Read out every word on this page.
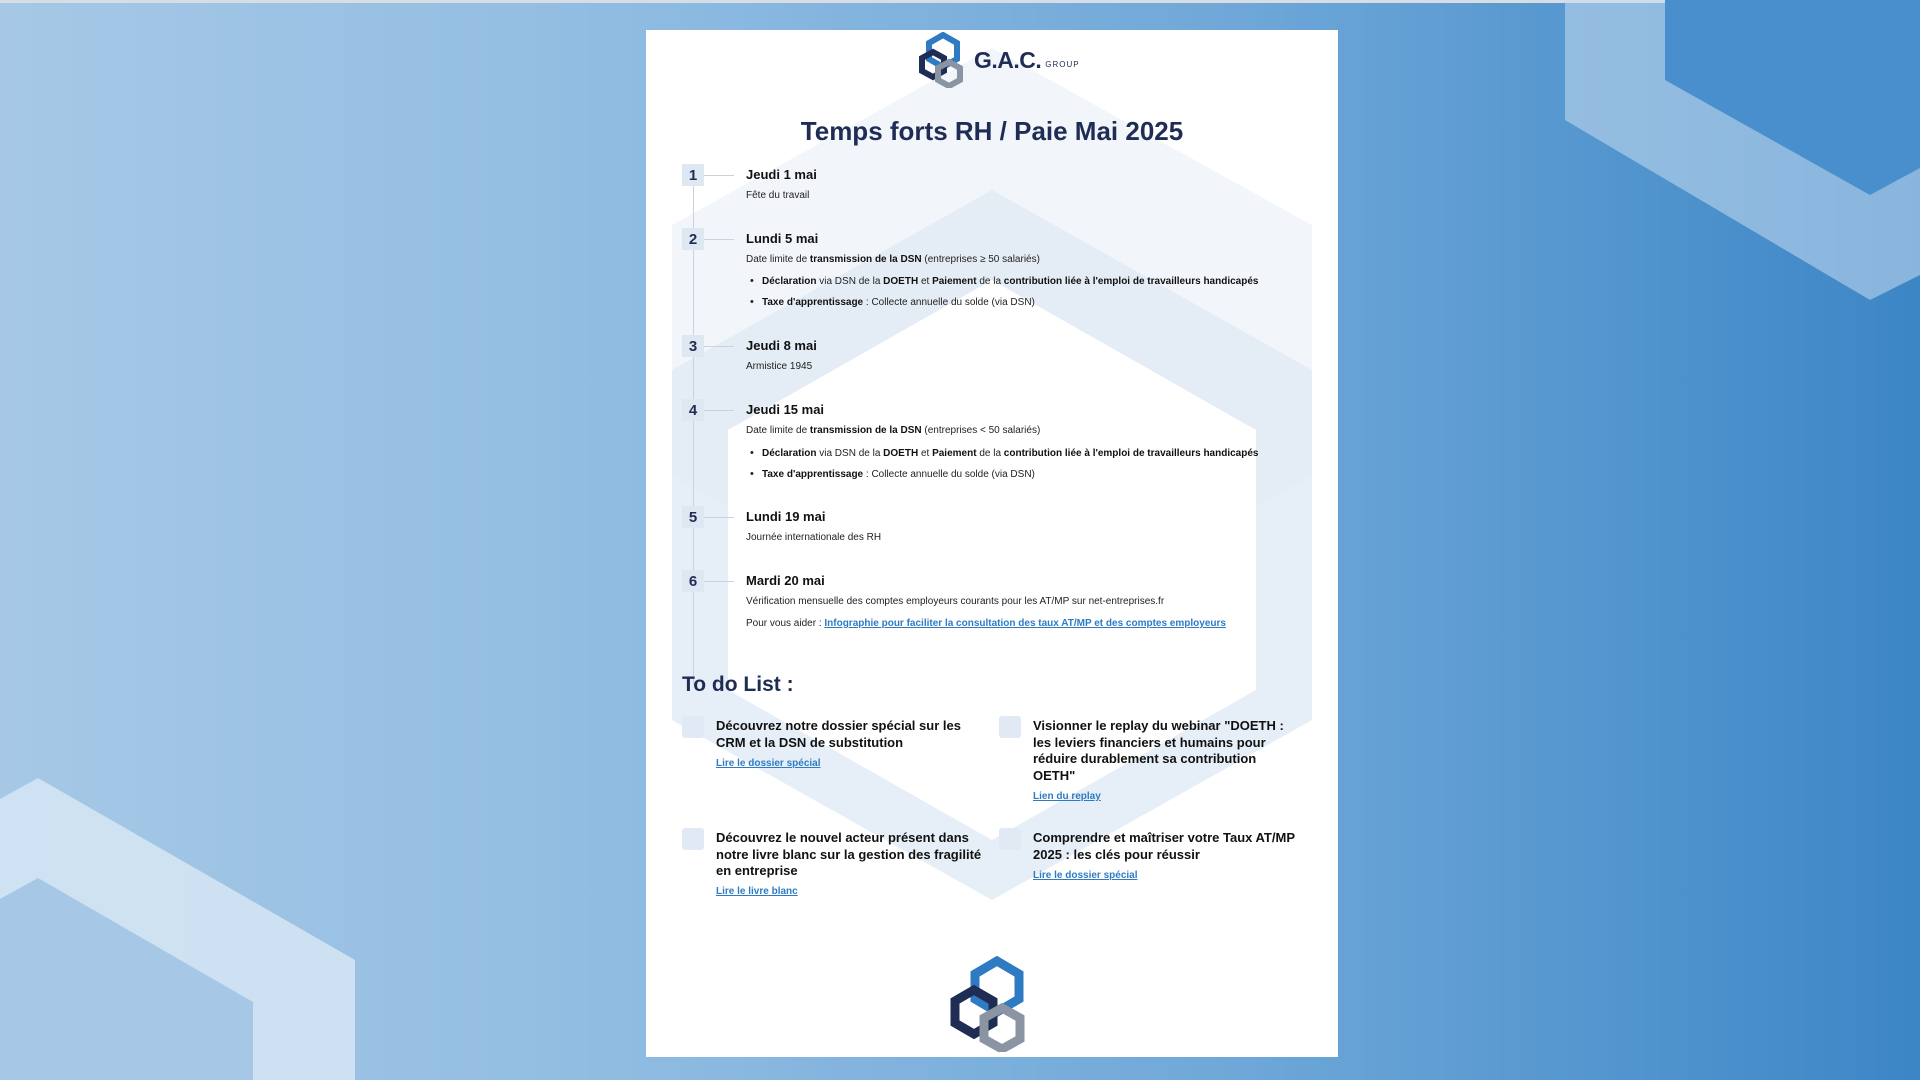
G.A.C. GROUP
Temps forts RH / Paie Mai 2025
1	Jeudi 1 mai
Fête du travail
2	Lundi 5 mai
Date limite de transmission de la DSN (entreprises ≥ 50 salariés)
• Déclaration via DSN de la DOETH et Paiement de la contribution liée à l'emploi de travailleurs handicapés
• Taxe d'apprentissage : Collecte annuelle du solde (via DSN)
3	Jeudi 8 mai
Armistice 1945
4	Jeudi 15 mai
Date limite de transmission de la DSN (entreprises < 50 salariés)
• Déclaration via DSN de la DOETH et Paiement de la contribution liée à l'emploi de travailleurs handicapés
• Taxe d'apprentissage : Collecte annuelle du solde (via DSN)
5	Lundi 19 mai
Journée internationale des RH
6	Mardi 20 mai
Vérification mensuelle des comptes employeurs courants pour les AT/MP sur net-entreprises.fr
Pour vous aider : Infographie pour faciliter la consultation des taux AT/MP et des comptes employeurs
To do List :
Découvrez notre dossier spécial sur les CRM et la DSN de substitution
Lire le dossier spécial
Visionner le replay du webinar "DOETH : les leviers financiers et humains pour réduire durablement sa contribution OETH"
Lien du replay
Découvrez le nouvel acteur présent dans notre livre blanc sur la gestion des fragilité en entreprise
Lire le livre blanc
Comprendre et maîtriser votre Taux AT/MP 2025 : les clés pour réussir
Lire le dossier spécial
